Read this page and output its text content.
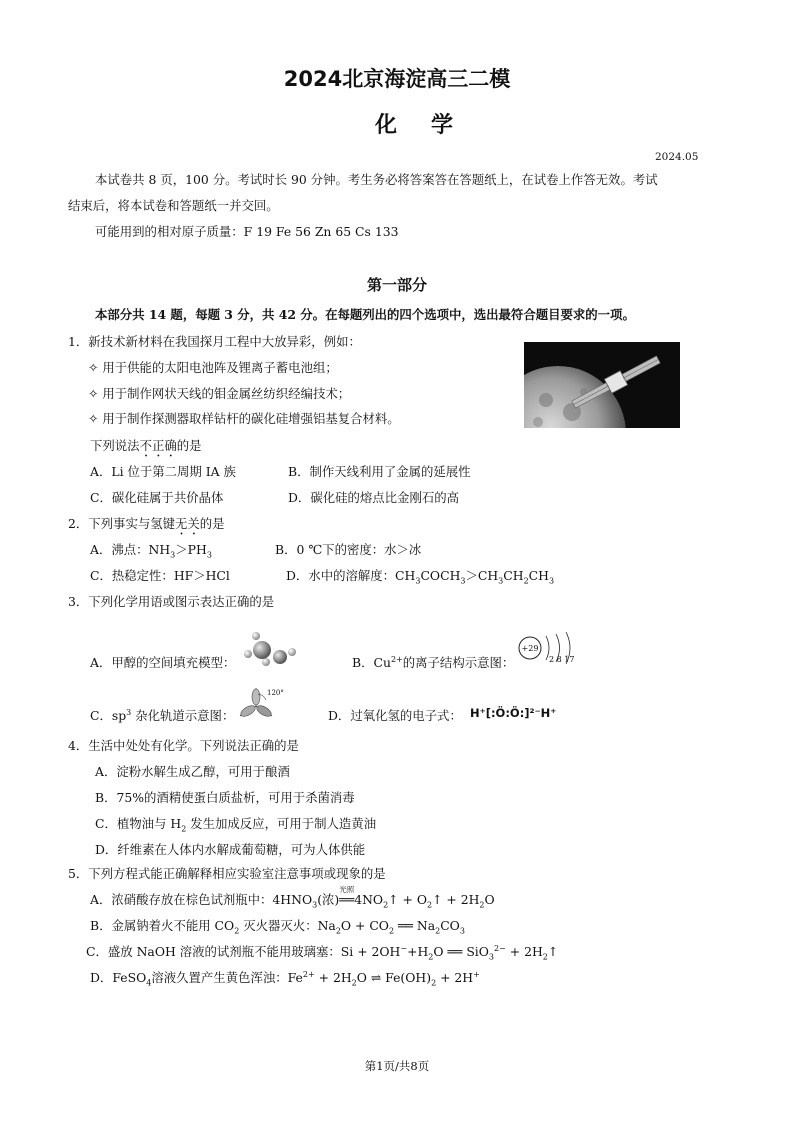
2024北京海淀高三二模
化学
2024.05
本试卷共 8 页，100 分。考试时长 90 分钟。考生务必将答案答在答题纸上，在试卷上作答无效。考试
结束后，将本试卷和答题纸一并交回。
可能用到的相对原子质量：F 19 Fe 56 Zn 65 Cs 133
第一部分
本部分共 14 题，每题 3 分，共 42 分。在每题列出的四个选项中，选出最符合题目要求的一项。
1．新技术新材料在我国探月工程中大放异彩，例如：
✧ 用于供能的太阳电池阵及锂离子蓄电池组；
✧ 用于制作网状天线的钼金属丝纺织经编技术；
✧ 用于制作探测器取样钻杆的碳化硅增强铝基复合材料。
下列说法不正确的是
A．Li 位于第二周期 IA 族	B．制作天线利用了金属的延展性
C．碳化硅属于共价晶体	D．碳化硅的熔点比金刚石的高
2．下列事实与氢键无关的是
A．沸点：$NH_3>PH_3$	B．0 ℃下的密度：水＞冰
C．热稳定性：HF＞HCl	D．水中的溶解度：$CH_3COCH_3>CH_3CH_2CH_3$
3．下列化学用语或图示表达正确的是
A．甲醇的空间填充模型：	B．$Cu^{2+}$的离子结构示意图：
+29
2 8 17
C．$sp^3$ 杂化轨道示意图：
120°
D．过氧化氢的电子式： H⁺[:Ö:Ö:]²⁻H⁺
4．生活中处处有化学。下列说法正确的是
A．淀粉水解生成乙醇，可用于酿酒
B．75%的酒精使蛋白质盐析，可用于杀菌消毒
C．植物油与 $H_2$ 发生加成反应，可用于制人造黄油
D．纤维素在人体内水解成葡萄糖，可为人体供能
5．下列方程式能正确解释相应实验室注意事项或现象的是
A．浓硝酸存放在棕色试剂瓶中：$4HNO_3$(浓)
光照
$══4NO_2↑$ + $O_2↑ + 2H_2O$
B．金属钠着火不能用 $CO_2$ 灭火器灭火：$Na_2O + CO_2$ ══ $Na_2CO_3$
C．盛放 NaOH 溶液的试剂瓶不能用玻璃塞：$Si + 2OH^-+H_2O$ ══ $SiO_3^{2-} + 2H_2↑$
D．FeSO$_4$溶液久置产生黄色浑浊：$Fe^{2+} + 2H_2O$ ⇌ $Fe(OH)_2 + 2H^+$
第1页/共8页
